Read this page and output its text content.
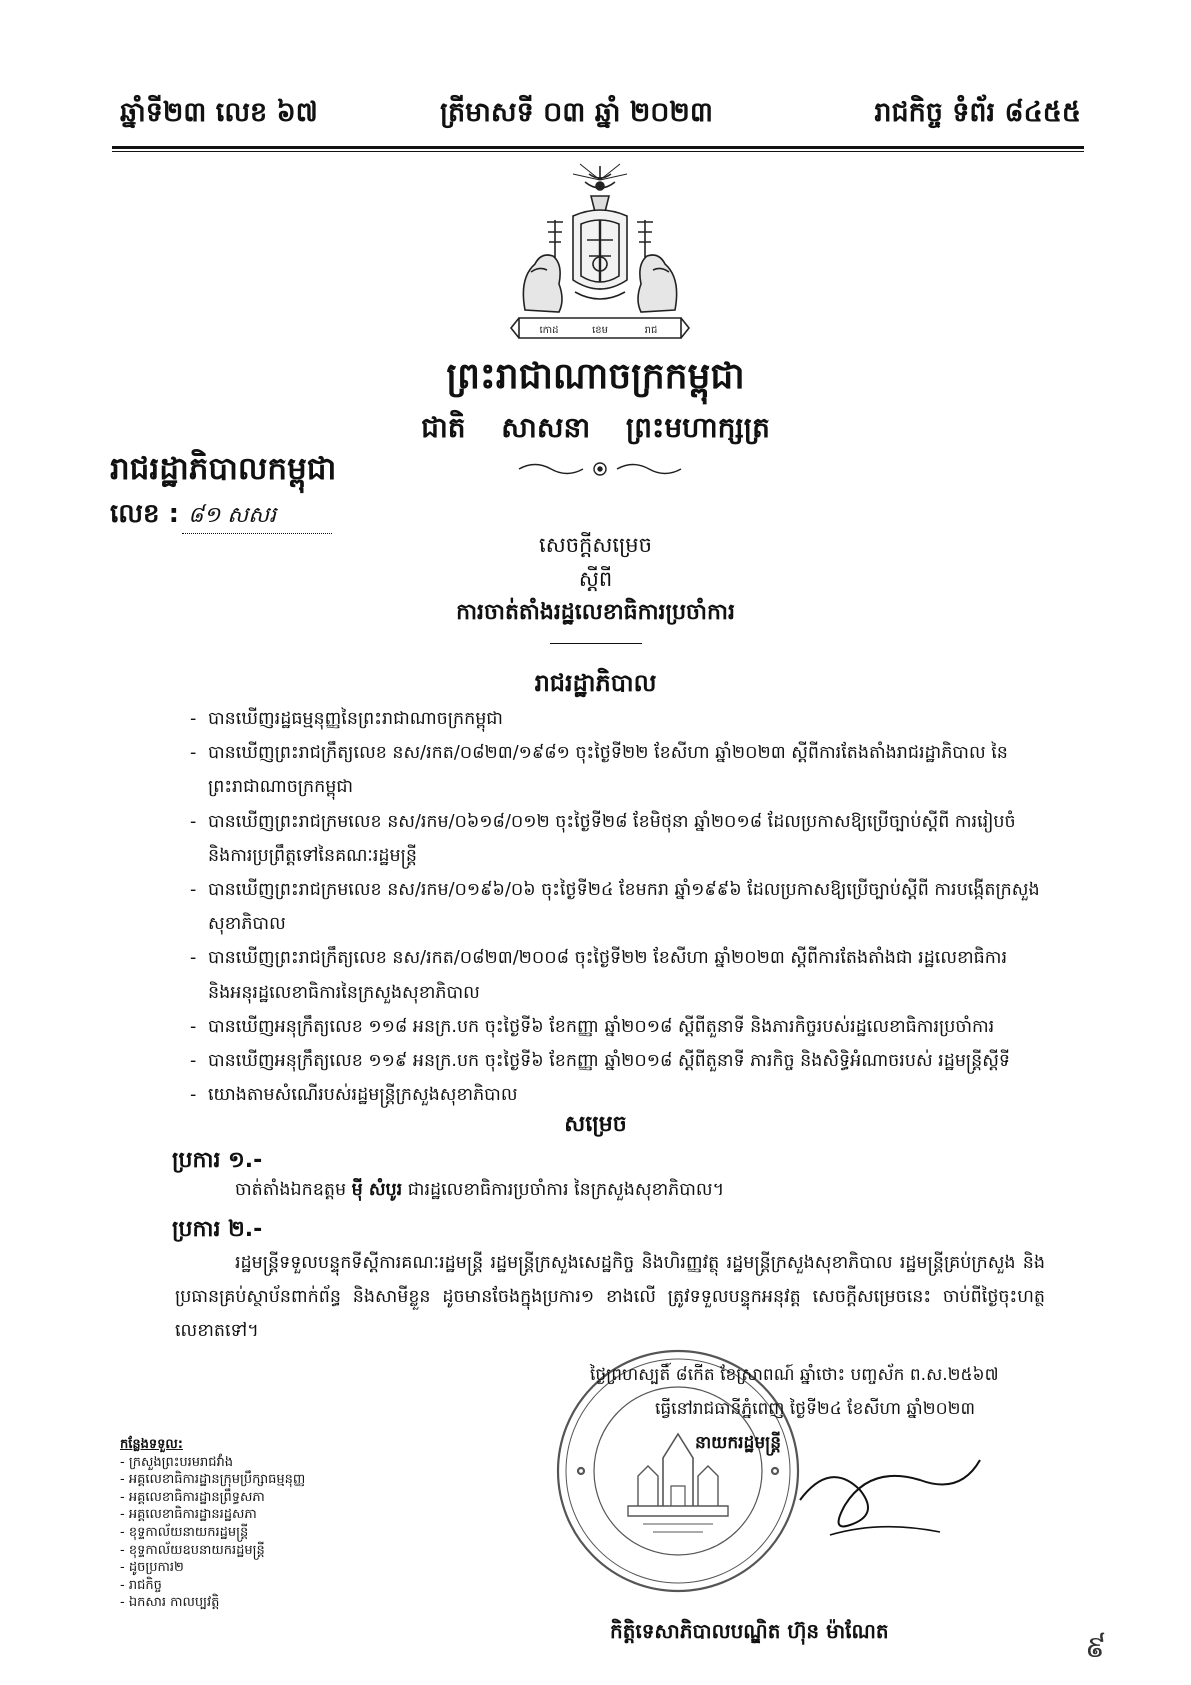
ឆ្នាំទី២៣ លេខ ៦៧	ត្រីមាសទី ០៣ ឆ្នាំ ២០២៣	រាជកិច្ច ទំព័រ ៨៤៥៥
កោដ	ខេម	រាជ
ព្រះរាជាណាចក្រកម្ពុជា
ជាតិ សាសនា ព្រះមហាក្សត្រ
រាជរដ្ឋាភិបាលកម្ពុជា
លេខ : ៨១ សសរ
សេចក្ដីសម្រេច
ស្ដីពី
ការចាត់តាំងរដ្ឋលេខាធិការប្រចាំការ
រាជរដ្ឋាភិបាល
- បានឃើញរដ្ឋធម្មនុញ្ញនៃព្រះរាជាណាចក្រកម្ពុជា
- បានឃើញព្រះរាជក្រឹត្យលេខ នស/រកត/០៨២៣/១៩៨១ ចុះថ្ងៃទី២២ ខែសីហា ឆ្នាំ២០២៣ ស្ដីពីការតែងតាំងរាជរដ្ឋាភិបាល នៃព្រះរាជាណាចក្រកម្ពុជា
- បានឃើញព្រះរាជក្រមលេខ នស/រកម/០៦១៨/០១២ ចុះថ្ងៃទី២៨ ខែមិថុនា ឆ្នាំ២០១៨ ដែលប្រកាសឱ្យប្រើច្បាប់ស្ដីពី ការរៀបចំ និងការប្រព្រឹត្តទៅនៃគណៈរដ្ឋមន្ត្រី
- បានឃើញព្រះរាជក្រមលេខ នស/រកម/០១៩៦/០៦ ចុះថ្ងៃទី២៤ ខែមករា ឆ្នាំ១៩៩៦ ដែលប្រកាសឱ្យប្រើច្បាប់ស្ដីពី ការបង្កើតក្រសួងសុខាភិបាល
- បានឃើញព្រះរាជក្រឹត្យលេខ នស/រកត/០៨២៣/២០០៨ ចុះថ្ងៃទី២២ ខែសីហា ឆ្នាំ២០២៣ ស្ដីពីការតែងតាំងជា រដ្ឋលេខាធិការ និងអនុរដ្ឋលេខាធិការនៃក្រសួងសុខាភិបាល
- បានឃើញអនុក្រឹត្យលេខ ១១៨ អនក្រ.បក ចុះថ្ងៃទី៦ ខែកញ្ញា ឆ្នាំ២០១៨ ស្ដីពីតួនាទី និងភារកិច្ចរបស់រដ្ឋលេខាធិការប្រចាំការ
- បានឃើញអនុក្រឹត្យលេខ ១១៩ អនក្រ.បក ចុះថ្ងៃទី៦ ខែកញ្ញា ឆ្នាំ២០១៨ ស្ដីពីតួនាទី ភារកិច្ច និងសិទ្ធិអំណាចរបស់ រដ្ឋមន្ត្រីស្ដីទី
- យោងតាមសំណើរបស់រដ្ឋមន្ត្រីក្រសួងសុខាភិបាល
សម្រេច
ប្រការ ១.-
ចាត់តាំងឯកឧត្តម ម៉ី សំបូរ ជារដ្ឋលេខាធិការប្រចាំការ នៃក្រសួងសុខាភិបាល។
ប្រការ ២.-
រដ្ឋមន្ត្រីទទួលបន្ទុកទីស្ដីការគណៈរដ្ឋមន្ត្រី រដ្ឋមន្ត្រីក្រសួងសេដ្ឋកិច្ច និងហិរញ្ញវត្ថុ រដ្ឋមន្ត្រីក្រសួងសុខាភិបាល រដ្ឋមន្ត្រីគ្រប់ក្រសួង និងប្រធានគ្រប់ស្ថាប័នពាក់ព័ន្ធ និងសាមីខ្លួន ដូចមានចែងក្នុងប្រការ១ ខាងលើ ត្រូវទទួលបន្ទុកអនុវត្ត សេចក្ដីសម្រេចនេះ ចាប់ពីថ្ងៃចុះហត្ថលេខាតទៅ។
ថ្ងៃព្រហស្បតិ៍ ៨កើត ខែស្រាពណ៍ ឆ្នាំថោះ បញ្ចស័ក ព.ស.២៥៦៧
ធ្វើនៅរាជធានីភ្នំពេញ ថ្ងៃទី២៤ ខែសីហា ឆ្នាំ២០២៣
នាយករដ្ឋមន្ត្រី
កិត្តិទេសាភិបាលបណ្ឌិត ហ៊ុន ម៉ាណែត
កន្លែងទទួល:
- ក្រសួងព្រះបរមរាជវាំង
- អគ្គលេខាធិការដ្ឋានក្រុមប្រឹក្សាធម្មនុញ្ញ
- អគ្គលេខាធិការដ្ឋានព្រឹទ្ធសភា
- អគ្គលេខាធិការដ្ឋានរដ្ឋសភា
- ខុទ្ទកាល័យនាយករដ្ឋមន្ត្រី
- ខុទ្ទកាល័យឧបនាយករដ្ឋមន្ត្រី
- ដូចប្រការ២
- រាជកិច្ច
- ឯកសារ កាលប្បវត្តិ
៩
